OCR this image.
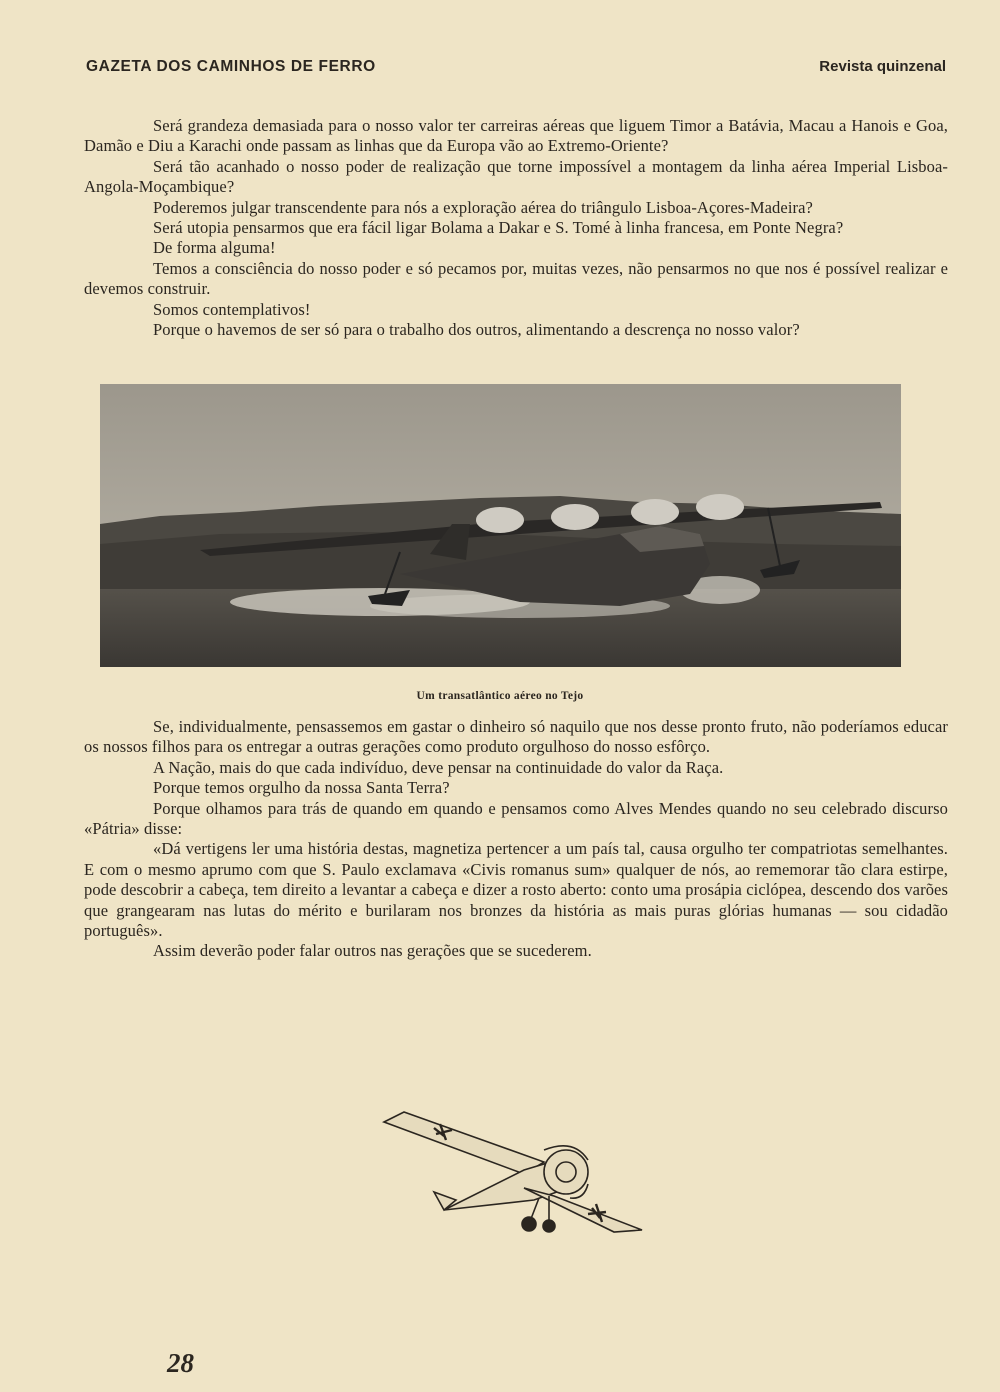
GAZETA DOS CAMINHOS DE FERRO	Revista quinzenal

Será grandeza demasiada para o nosso valor ter carreiras aéreas que liguem Timor a Batávia, Macau a Hanois e Goa, Damão e Diu a Karachi onde passam as linhas que da Europa vão ao Extremo-Oriente?

Será tão acanhado o nosso poder de realização que torne impossível a montagem da linha aérea Imperial Lisboa-Angola-Moçambique?

Poderemos julgar transcendente para nós a exploração aérea do triângulo Lisboa-Açores-Madeira?

Será utopia pensarmos que era fácil ligar Bolama a Dakar e S. Tomé à linha francesa, em Ponte Negra?

De forma alguma!

Temos a consciência do nosso poder e só pecamos por, muitas vezes, não pensarmos no que nos é possível realizar e devemos construir.

Somos contemplativos!

Porque o havemos de ser só para o trabalho dos outros, alimentando a descrença no nosso valor?

Um transatlântico aéreo no Tejo

Se, individualmente, pensassemos em gastar o dinheiro só naquilo que nos desse pronto fruto, não poderíamos educar os nossos filhos para os entregar a outras gerações como produto orgulhoso do nosso esfôrço.

A Nação, mais do que cada indivíduo, deve pensar na continuidade do valor da Raça.

Porque temos orgulho da nossa Santa Terra?

Porque olhamos para trás de quando em quando e pensamos como Alves Mendes quando no seu celebrado discurso «Pátria» disse:

«Dá vertigens ler uma história destas, magnetiza pertencer a um país tal, causa orgulho ter compatriotas semelhantes. E com o mesmo aprumo com que S. Paulo exclamava «Civis romanus sum» qualquer de nós, ao rememorar tão clara estirpe, pode descobrir a cabeça, tem direito a levantar a cabeça e dizer a rosto aberto: conto uma prosápia ciclópea, descendo dos varões que grangearam nas lutas do mérito e burilaram nos bronzes da história as mais puras glórias humanas — sou cidadão português».

Assim deverão poder falar outros nas gerações que se sucederem.

28
